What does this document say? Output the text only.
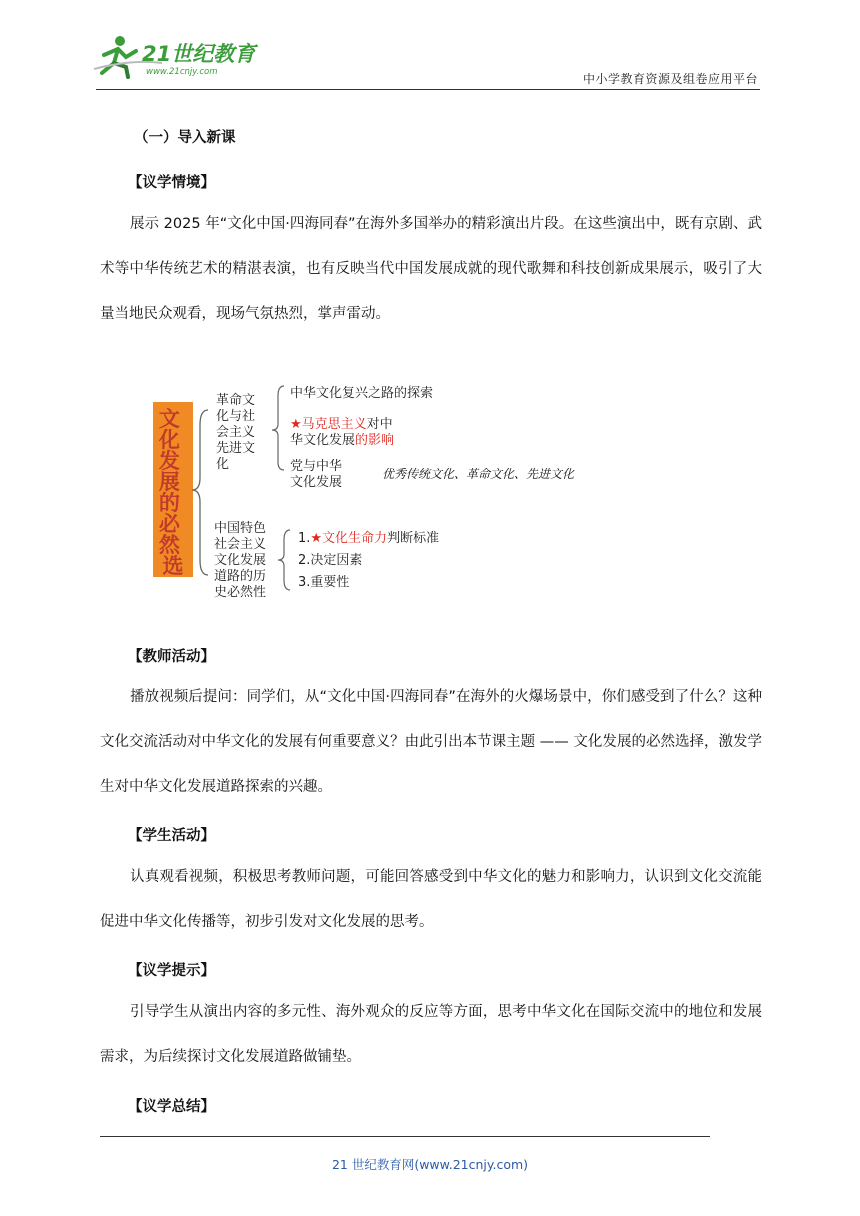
21世纪教育
www.21cnjy.com	中小学教育资源及组卷应用平台
（一）导入新课
【议学情境】
展示 2025 年“文化中国·四海同春”在海外多国举办的精彩演出片段。在这些演出中，既有京剧、武术等中华传统艺术的精湛表演，也有反映当代中国发展成就的现代歌舞和科技创新成果展示，吸引了大量当地民众观看，现场气氛热烈，掌声雷动。
文 化 发 展 的 必 然 选
革命文 化与社 会主义 先进文 化
中华文化复兴之路的探索
★马克思主义对中
华文化发展的影响
党与中华 文化发展
优秀传统文化、革命文化、先进文化
中国特色 社会主义 文化发展 道路的历 史必然性
1.★文化生命力判断标准
2.决定因素
3.重要性
【教师活动】
播放视频后提问：同学们，从“文化中国·四海同春”在海外的火爆场景中，你们感受到了什么？这种文化交流活动对中华文化的发展有何重要意义？由此引出本节课主题 —— 文化发展的必然选择，激发学生对中华文化发展道路探索的兴趣。
【学生活动】
认真观看视频，积极思考教师问题，可能回答感受到中华文化的魅力和影响力，认识到文化交流能促进中华文化传播等，初步引发对文化发展的思考。
【议学提示】
引导学生从演出内容的多元性、海外观众的反应等方面，思考中华文化在国际交流中的地位和发展需求，为后续探讨文化发展道路做铺垫。
【议学总结】
21 世纪教育网(www.21cnjy.com)
